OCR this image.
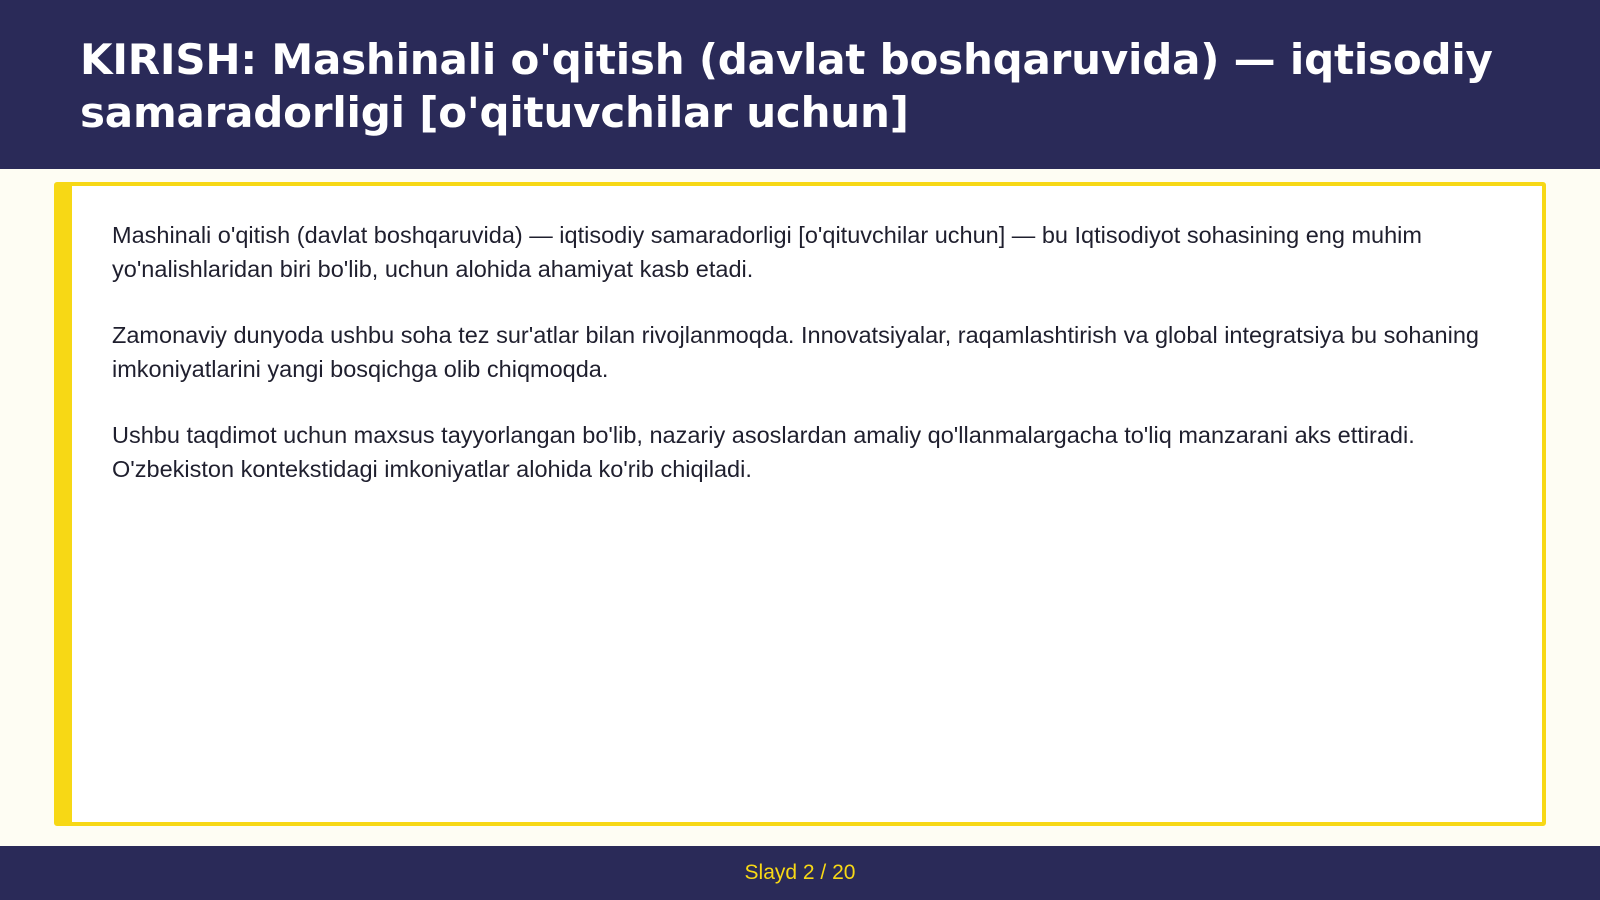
KIRISH: Mashinali o'qitish (davlat boshqaruvida) — iqtisodiy samaradorligi [o'qituvchilar uchun]

Mashinali o'qitish (davlat boshqaruvida) — iqtisodiy samaradorligi [o'qituvchilar uchun] — bu Iqtisodiyot sohasining eng muhim yo'nalishlaridan biri bo'lib, uchun alohida ahamiyat kasb etadi.

Zamonaviy dunyoda ushbu soha tez sur'atlar bilan rivojlanmoqda. Innovatsiyalar, raqamlashtirish va global integratsiya bu sohaning imkoniyatlarini yangi bosqichga olib chiqmoqda.

Ushbu taqdimot uchun maxsus tayyorlangan bo'lib, nazariy asoslardan amaliy qo'llanmalargacha to'liq manzarani aks ettiradi. O'zbekiston kontekstidagi imkoniyatlar alohida ko'rib chiqiladi.

Slayd 2 / 20
